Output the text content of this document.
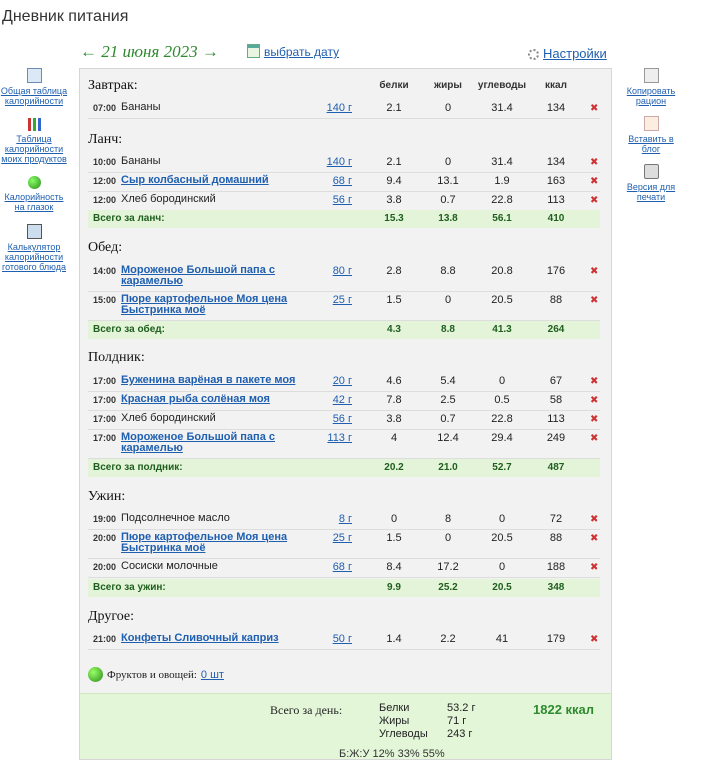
Дневник питания
← 21 июня 2023 →	выбрать дату	Настройки
Общая таблица калорийности
Таблица калорийности моих продуктов
Калорийность на глазок
Калькулятор калорийности готового блюда
Копировать рацион
Вставить в блог
Версия для печати
белки	жиры углеводы ккал
Завтрак:
07:00 Бананы	140 г	2.1	0	31.4	134	✖
Ланч:
10:00 Бананы	140 г	2.1	0	31.4	134	✖
12:00 Сыр колбасный домашний	68 г	9.4	13.1	1.9	163	✖
12:00 Хлеб бородинский	56 г	3.8	0.7	22.8	113	✖
Всего за ланч:	15.3	13.8	56.1	410
Обед:
14:00 Мороженое Большой папа с карамелью
80 г	2.8	8.8	20.8	176	✖
15:00 Пюре картофельное Моя цена Быстринка моё
25 г	1.5	0	20.5	88	✖
Всего за обед:	4.3	8.8	41.3	264
Полдник:
17:00 Буженина варёная в пакете моя	20 г	4.6	5.4	0	67	✖
17:00 Красная рыба солёная моя	42 г	7.8	2.5	0.5	58	✖
17:00 Хлеб бородинский	56 г	3.8	0.7	22.8	113	✖
17:00 Мороженое Большой папа с карамелью
113 г	4	12.4	29.4	249	✖
Всего за полдник:	20.2	21.0	52.7	487
Ужин:
19:00 Подсолнечное масло	8 г	0	8	0	72	✖
20:00 Пюре картофельное Моя цена Быстринка моё
25 г	1.5	0	20.5	88	✖
20:00 Сосиски молочные	68 г	8.4	17.2	0	188	✖
Всего за ужин:	9.9	25.2	20.5	348
Другое:
21:00 Конфеты Сливочный каприз	50 г	1.4	2.2	41	179	✖
Фруктов и овощей: 0 шт
Всего за день:	Белки	53.2 г
Жиры	71 г
Углеводы 243 г
1822 ккал
Б:Ж:У 12% 33% 55%
